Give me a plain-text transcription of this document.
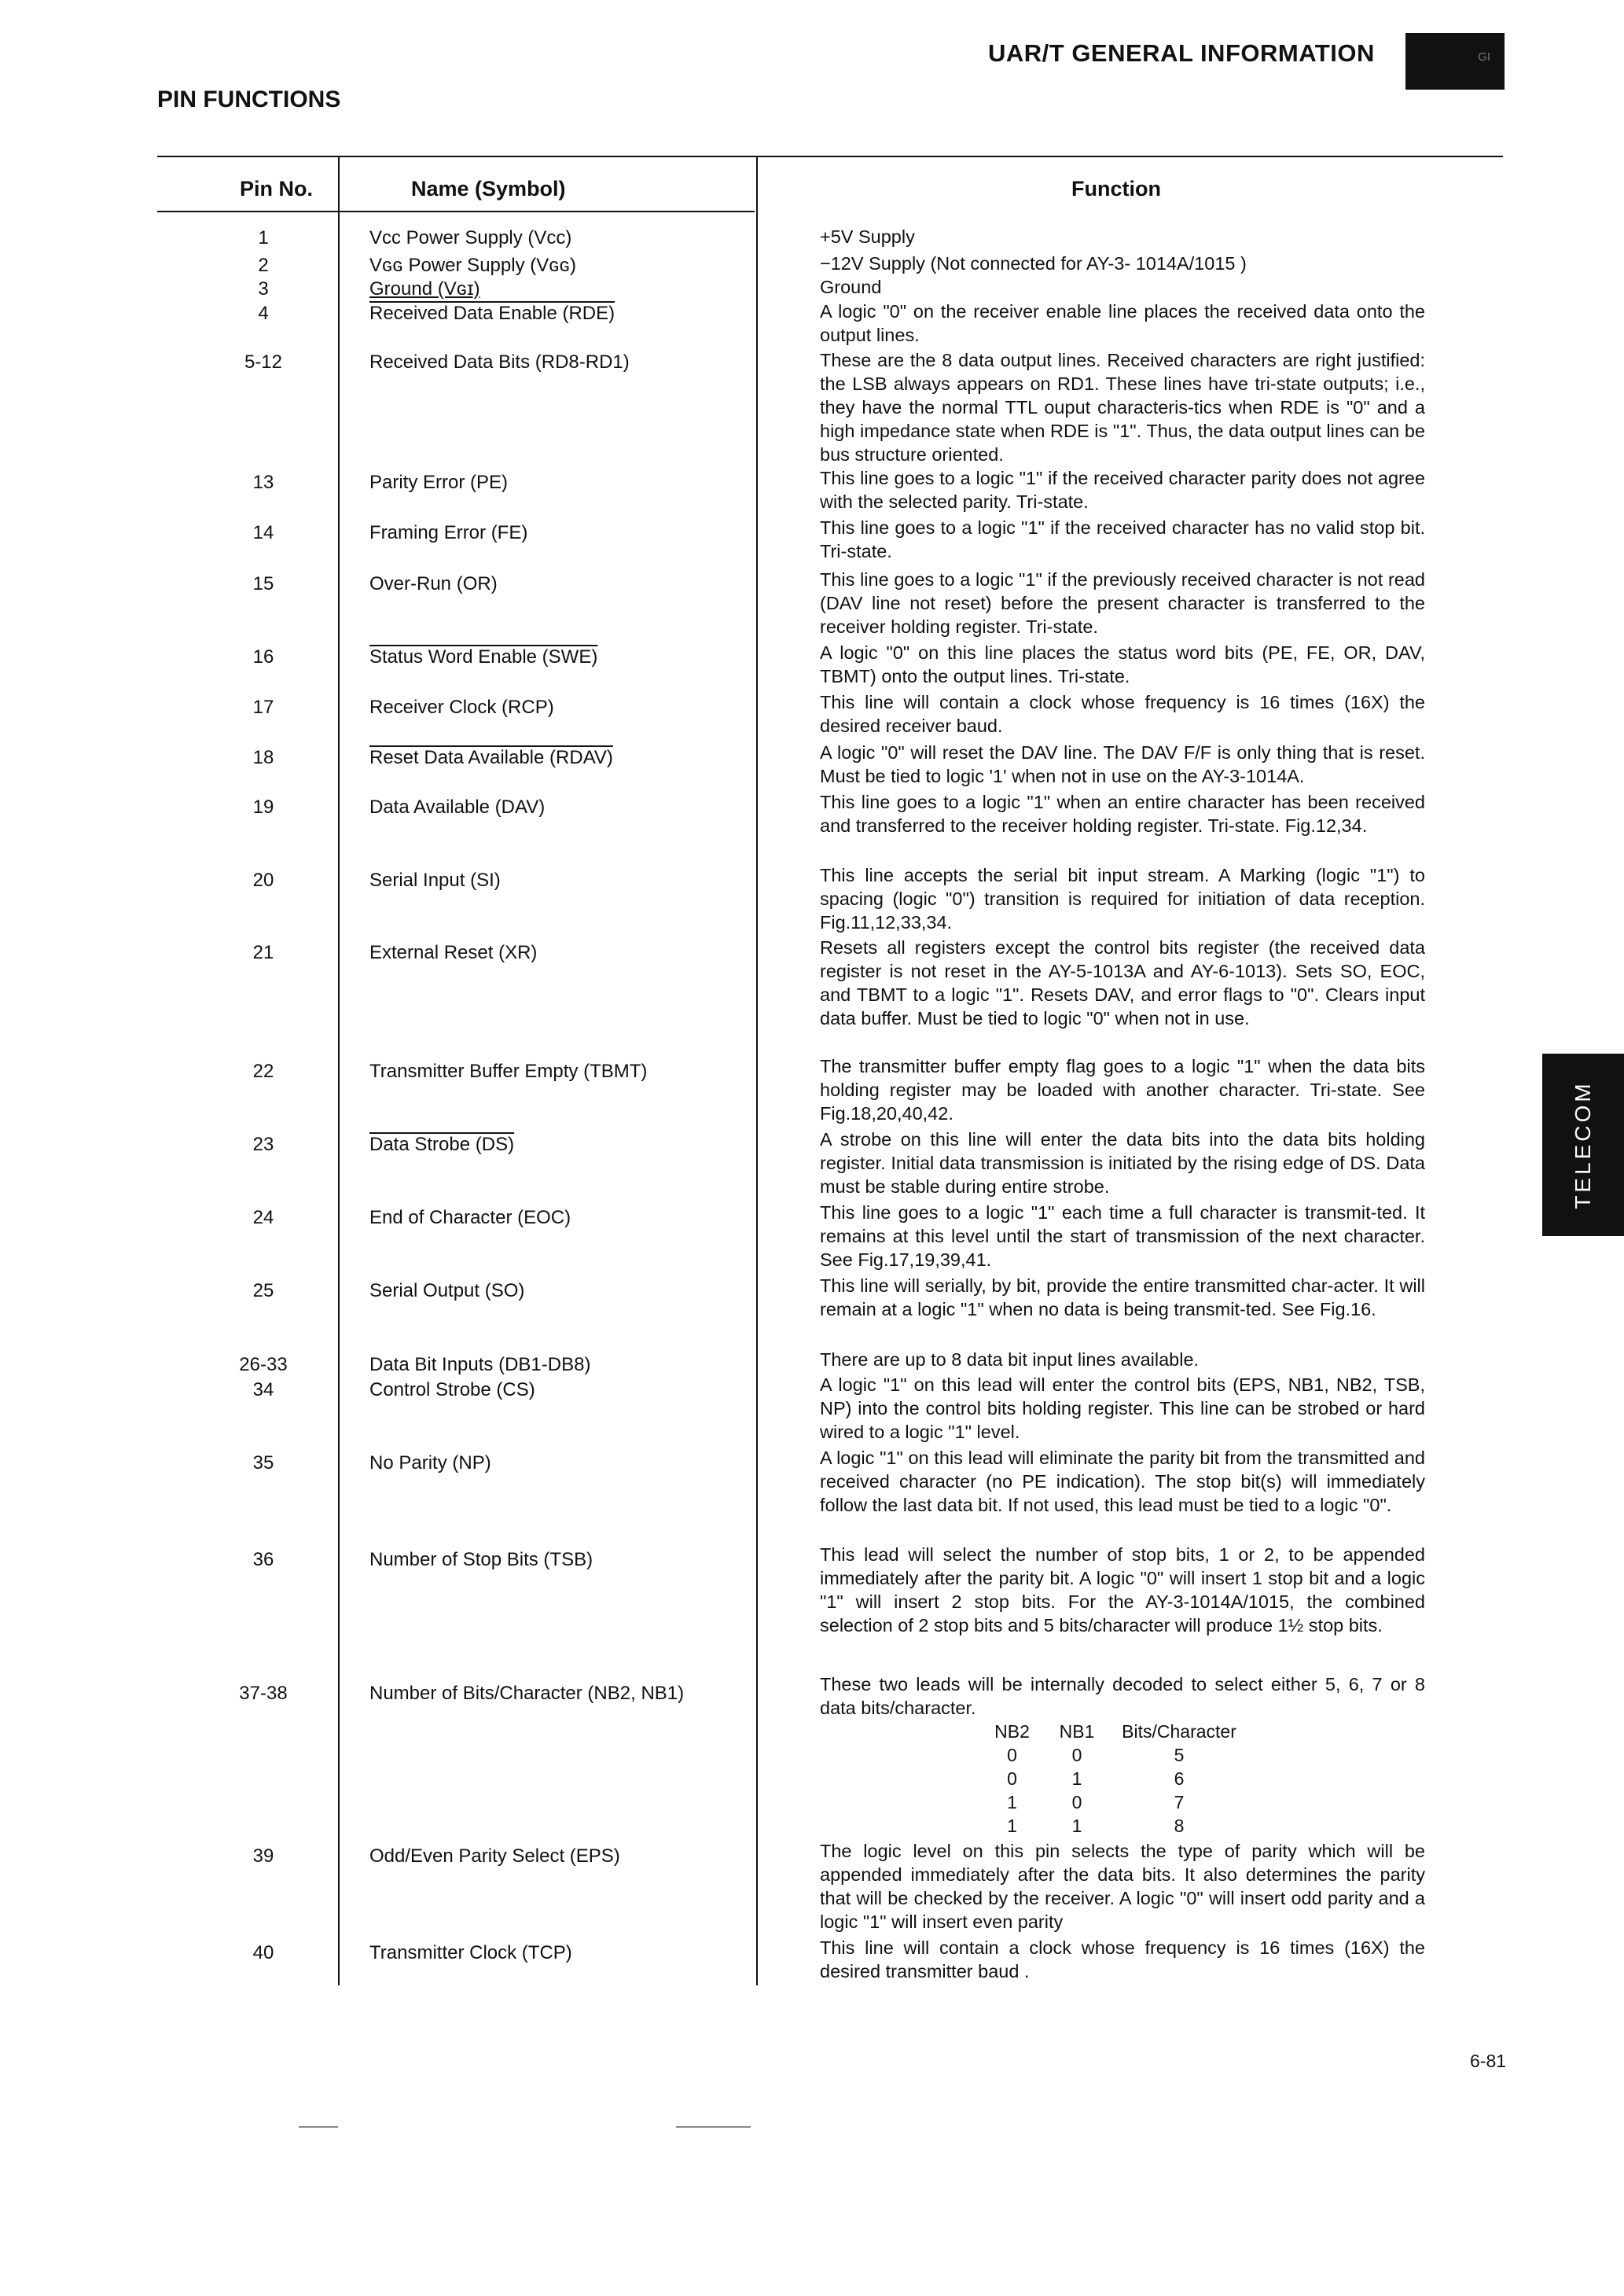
UAR/T GENERAL INFORMATION	GI
PIN FUNCTIONS
Pin No.	Name (Symbol)	Function
1	Vᴄᴄ Power Supply (Vᴄᴄ)	+5V Supply
2	Vɢɢ Power Supply (Vɢɢ)	−12V Supply (Not connected for AY-3- 1014A/1015 )
3	Ground (Vɢɪ)	Ground
4	Received Data Enable (RDE)	A logic "0" on the receiver enable line places the received data onto the output lines.
5-12	Received Data Bits (RD8-RD1)	These are the 8 data output lines. Received characters are right justified: the LSB always appears on RD1. These lines have tri-state outputs; i.e., they have the normal TTL ouput characteris-tics when RDE is "0" and a high impedance state when RDE is "1". Thus, the data output lines can be bus structure oriented.
13	Parity Error (PE)	This line goes to a logic "1" if the received character parity does not agree with the selected parity. Tri-state.
14	Framing Error (FE)	This line goes to a logic "1" if the received character has no valid stop bit. Tri-state.
15	Over-Run (OR)	This line goes to a logic "1" if the previously received character is not read (DAV line not reset) before the present character is transferred to the receiver holding register. Tri-state.
16	Status Word Enable (SWE)	A logic "0" on this line places the status word bits (PE, FE, OR, DAV, TBMT) onto the output lines. Tri-state.
17	Receiver Clock (RCP)	This line will contain a clock whose frequency is 16 times (16X) the desired receiver baud.
18	Reset Data Available (RDAV)	A logic "0" will reset the DAV line. The DAV F/F is only thing that is reset. Must be tied to logic '1' when not in use on the AY-3-1014A.
19	Data Available (DAV)	This line goes to a logic "1" when an entire character has been received and transferred to the receiver holding register. Tri-state. Fig.12,34.
20	Serial Input (SI)	This line accepts the serial bit input stream. A Marking (logic "1") to spacing (logic "0") transition is required for initiation of data reception. Fig.11,12,33,34.
21	External Reset (XR)	Resets all registers except the control bits register (the received data register is not reset in the AY-5-1013A and AY-6-1013). Sets SO, EOC, and TBMT to a logic "1". Resets DAV, and error flags to "0". Clears input data buffer. Must be tied to logic "0" when not in use.
22	Transmitter Buffer Empty (TBMT)	The transmitter buffer empty flag goes to a logic "1" when the data bits holding register may be loaded with another character. Tri-state. See Fig.18,20,40,42.
23	Data Strobe (DS)	A strobe on this line will enter the data bits into the data bits holding register. Initial data transmission is initiated by the rising edge of DS. Data must be stable during entire strobe.
24	End of Character (EOC)	This line goes to a logic "1" each time a full character is transmit-ted. It remains at this level until the start of transmission of the next character. See Fig.17,19,39,41.
25	Serial Output (SO)	This line will serially, by bit, provide the entire transmitted char-acter. It will remain at a logic "1" when no data is being transmit-ted. See Fig.16.
26-33	Data Bit Inputs (DB1-DB8)	There are up to 8 data bit input lines available.
34	Control Strobe (CS)	A logic "1" on this lead will enter the control bits (EPS, NB1, NB2, TSB, NP) into the control bits holding register. This line can be strobed or hard wired to a logic "1" level.
35	No Parity (NP)	A logic "1" on this lead will eliminate the parity bit from the transmitted and received character (no PE indication). The stop bit(s) will immediately follow the last data bit. If not used, this lead must be tied to a logic "0".
36	Number of Stop Bits (TSB)	This lead will select the number of stop bits, 1 or 2, to be appended immediately after the parity bit. A logic "0" will insert 1 stop bit and a logic "1" will insert 2 stop bits. For the AY-3-1014A/1015, the combined selection of 2 stop bits and 5 bits/character will produce 1½ stop bits.
37-38	Number of Bits/Character (NB2, NB1)	These two leads will be internally decoded to select either 5, 6, 7 or 8 data bits/character.
NB2	NB1	Bits/Character
0	0	5
0	1	6
1	0	7
1	1	8
39	Odd/Even Parity Select (EPS)	The logic level on this pin selects the type of parity which will be appended immediately after the data bits. It also determines the parity that will be checked by the receiver. A logic "0" will insert odd parity and a logic "1" will insert even parity
40	Transmitter Clock (TCP)	This line will contain a clock whose frequency is 16 times (16X) the desired transmitter baud .
TELECOM
6-81
